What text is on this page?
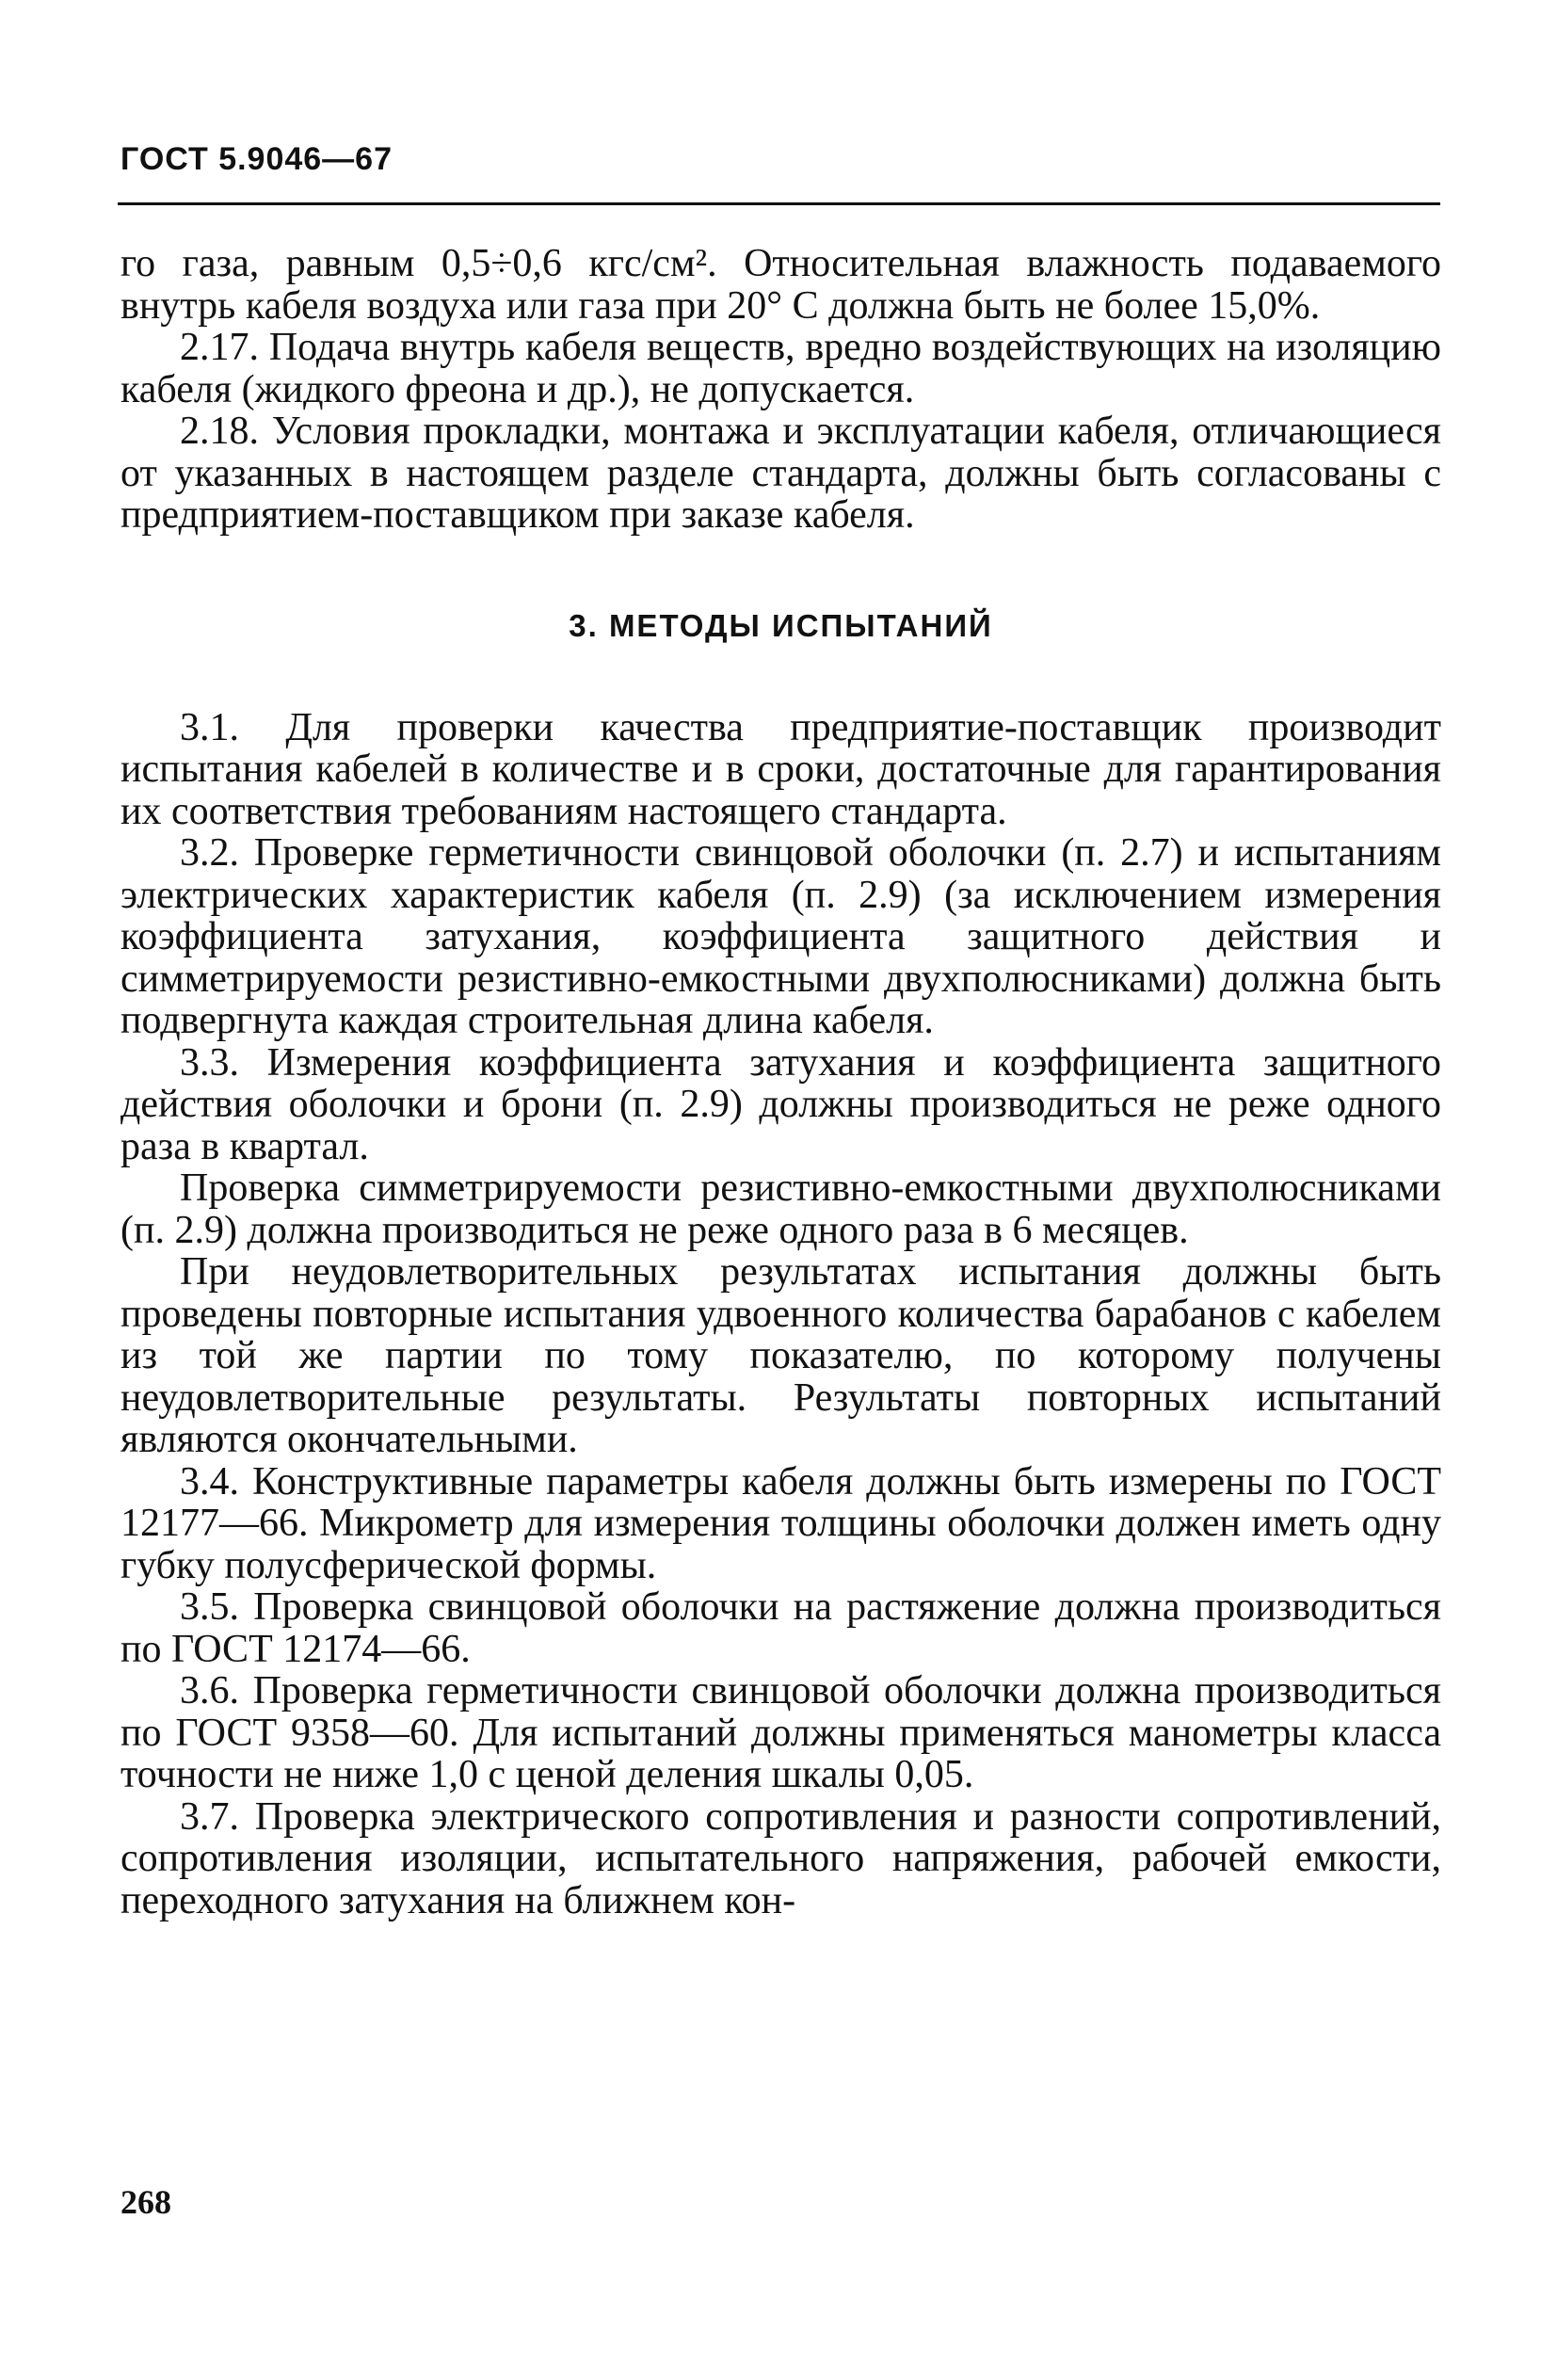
ГОСТ 5.9046—67

го газа, равным 0,5÷0,6 кгс/см². Относительная влажность подаваемого внутрь кабеля воздуха или газа при 20° С должна быть не более 15,0%.

2.17. Подача внутрь кабеля веществ, вредно воздействующих на изоляцию кабеля (жидкого фреона и др.), не допускается.

2.18. Условия прокладки, монтажа и эксплуатации кабеля, отличающиеся от указанных в настоящем разделе стандарта, должны быть согласованы с предприятием-поставщиком при заказе кабеля.

3. МЕТОДЫ ИСПЫТАНИЙ

3.1. Для проверки качества предприятие-поставщик производит испытания кабелей в количестве и в сроки, достаточные для гарантирования их соответствия требованиям настоящего стандарта.

3.2. Проверке герметичности свинцовой оболочки (п. 2.7) и испытаниям электрических характеристик кабеля (п. 2.9) (за исключением измерения коэффициента затухания, коэффициента защитного действия и симметрируемости резистивно-емкостными двухполюсниками) должна быть подвергнута каждая строительная длина кабеля.

3.3. Измерения коэффициента затухания и коэффициента защитного действия оболочки и брони (п. 2.9) должны производиться не реже одного раза в квартал.

Проверка симметрируемости резистивно-емкостными двухполюсниками (п. 2.9) должна производиться не реже одного раза в 6 месяцев.

При неудовлетворительных результатах испытания должны быть проведены повторные испытания удвоенного количества барабанов с кабелем из той же партии по тому показателю, по которому получены неудовлетворительные результаты. Результаты повторных испытаний являются окончательными.

3.4. Конструктивные параметры кабеля должны быть измерены по ГОСТ 12177—66. Микрометр для измерения толщины оболочки должен иметь одну губку полусферической формы.

3.5. Проверка свинцовой оболочки на растяжение должна производиться по ГОСТ 12174—66.

3.6. Проверка герметичности свинцовой оболочки должна производиться по ГОСТ 9358—60. Для испытаний должны применяться манометры класса точности не ниже 1,0 с ценой деления шкалы 0,05.

3.7. Проверка электрического сопротивления и разности сопротивлений, сопротивления изоляции, испытательного напряжения, рабочей емкости, переходного затухания на ближнем кон-

268
